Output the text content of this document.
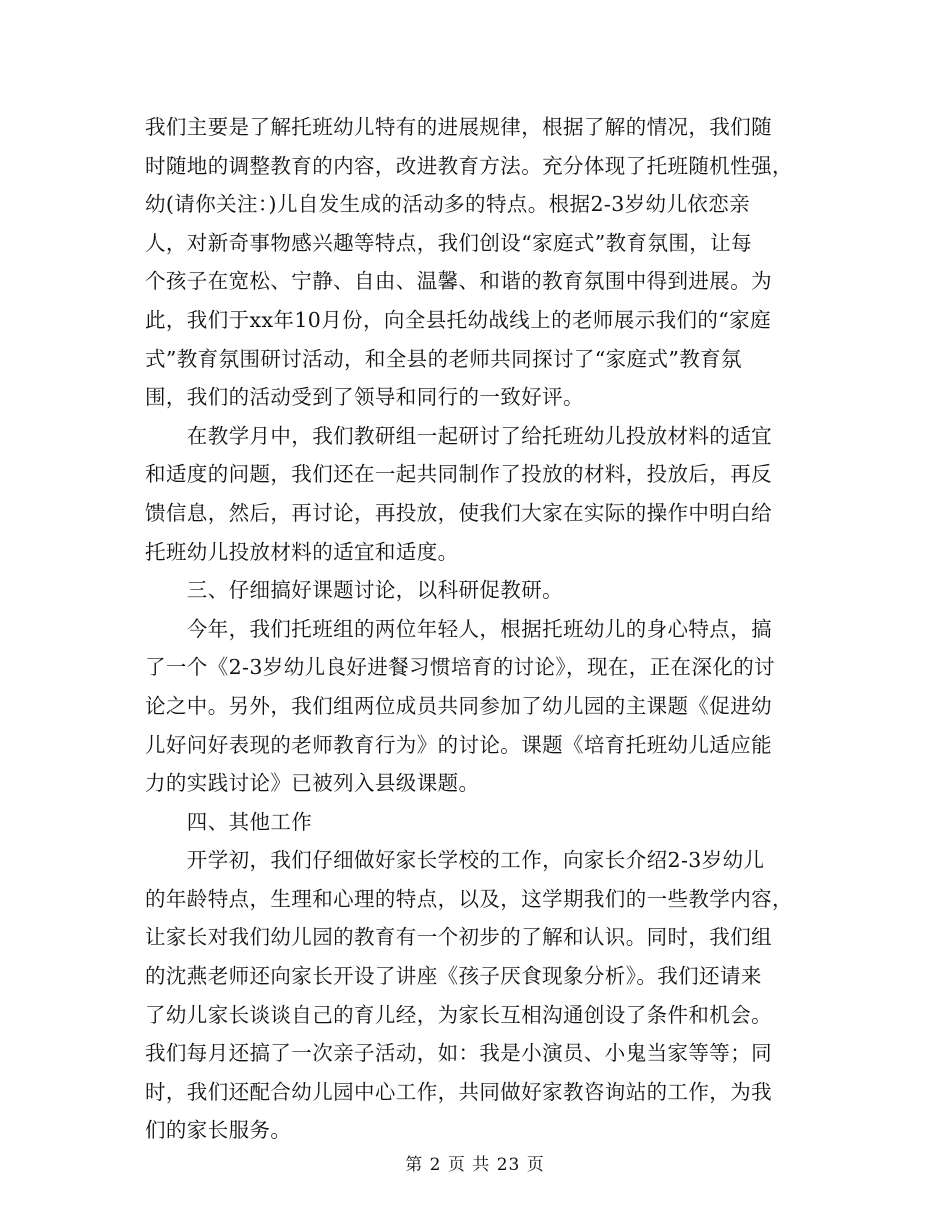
我们主要是了解托班幼儿特有的进展规律，根据了解的情况，我们随
时随地的调整教育的内容，改进教育方法。充分体现了托班随机性强，
幼(请你关注：)儿自发生成的活动多的特点。根据2-3岁幼儿依恋亲
人，对新奇事物感兴趣等特点，我们创设“家庭式”教育氛围，让每
个孩子在宽松、宁静、自由、温馨、和谐的教育氛围中得到进展。为
此，我们于xx年10月份，向全县托幼战线上的老师展示我们的“家庭
式”教育氛围研讨活动，和全县的老师共同探讨了“家庭式”教育氛
围，我们的活动受到了领导和同行的一致好评。
　　在教学月中，我们教研组一起研讨了给托班幼儿投放材料的适宜
和适度的问题，我们还在一起共同制作了投放的材料，投放后，再反
馈信息，然后，再讨论，再投放，使我们大家在实际的操作中明白给
托班幼儿投放材料的适宜和适度。
　　三、仔细搞好课题讨论，以科研促教研。
　　今年，我们托班组的两位年轻人，根据托班幼儿的身心特点，搞
了一个《2-3岁幼儿良好进餐习惯培育的讨论》，现在，正在深化的讨
论之中。另外，我们组两位成员共同参加了幼儿园的主课题《促进幼
儿好问好表现的老师教育行为》的讨论。课题《培育托班幼儿适应能
力的实践讨论》已被列入县级课题。
　　四、其他工作
　　开学初，我们仔细做好家长学校的工作，向家长介绍2-3岁幼儿
的年龄特点，生理和心理的特点，以及，这学期我们的一些教学内容，
让家长对我们幼儿园的教育有一个初步的了解和认识。同时，我们组
的沈燕老师还向家长开设了讲座《孩子厌食现象分析》。我们还请来
了幼儿家长谈谈自己的育儿经，为家长互相沟通创设了条件和机会。
我们每月还搞了一次亲子活动，如：我是小演员、小鬼当家等等；同
时，我们还配合幼儿园中心工作，共同做好家教咨询站的工作，为我
们的家长服务。
第 2 页 共 23 页
